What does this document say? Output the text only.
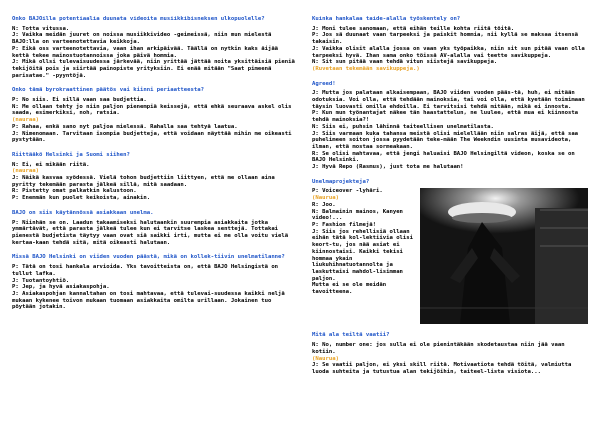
Onko BAJOilla potentiaalia duunata videoita musiikkibisneksen ulkopuolelle?
N: Totta vitussa.
J: Vaikka meidän juuret on noissa musiikkivideo -geimeissä, niin mun mielestä BAJO:lla on varteenotettavia keikkoja.
P: Eikä oss varteenotettavia, vaan ihan arkipäivää. Täällä on nytkin kaks äijää kettä tekee mainostuotannoissa joka päivä hommia.
J: Mikä ollsi tulevaisuudessa järkevää, niin yrittää jättää noita yksittäisiä pieniä tekijöitä pois ja siirtää painopiste yrityksiin. Ei enää mitään "Saat pimeenä parisatae." -pyyntöjä.
Onko tämä byrokraattinen päätös vai kiinni periaatteesta?
P: No siis. Ei sillä vaan saa budjettia.
N: Me ollaan tehty jo niin paljon pienempiä keissejä, että ehkä seuraava askel olis saada, esimerkiksi, noh, ratsia.
(nauraa)
P: Rahaa, enkä sano nyt paljoa mielessä. Rahalla saa tehtyä laatua.
J: Nimenomaan. Tarvitaan isompia budjetteja, että voidaan näyttää mihin me oikeasti pystytään.
Riittääkö Helsinki ja Suomi siihen?
N: Ei, ei mikään riitä.
(nauraa)
J: Näikä kasvaa syödessä. Vielä tohon budjettiin liittyen, että me ollaan aina pyritty tekemään parasta jälkeä sillä, mitä saadaan.
R: Pistetty omat palkatkin kalustoon.
P: Enemmän kun puolet keikoista, ainakin.
BAJO on siis käytännössä asiakkaan unelma.
P: Niinhän se on. Laadun takaamiseksi halutaankin suurempia asiakkaita jotka ymmärtävät, että parasta jälkeä tulee kun ei tarvitse laskea senttejä. Tottakai pienestä budjetista täytyy vaan ovat siä saikki irti, mutta ei me olla voitu vielä kertaa-kaan tehdä sitä, mitä oikeasti halutaan.
Missä BAJO Helsinki on viiden vuoden päästä, mikä on kollek-tiivin unelmatilanne?
P: Tätä on tosi hankala arvioida. Yks tavoitteista on, että BAJO Helsingistä on tullut lafka.
J: Tuotantoyhtiö.
P: Jep, ja hyvä asiakaspohja.
J: Asiakaspohjan kannaltahan on tosi mahtavaa, että tulevai-suudessa kaikki neljä mukaan kykenee toivon mukaan tuomaan asiakkaita omilta urillaan. Jokainen tuo pöytään jotakin.
Kuinka hankalaa taide-alalla työskentely on?
J: Moni tulee sanomaan, että eihän teille kohta riitä töitä.
P: Jos sä duunaat vaan tarpeeksi ja paiskit hommia, nii kyllä se maksaa itsensä takaisin.
J: Vaikka olisit alalla jossa on vaan yks työpaikka, niin sit sun pitää vaan olla tarpeeksi hyvä. Ihan sama onko töissä AV-alalla vai teette savikuppeja.
N: Sit sun pitää vaan tehdä vitun siistejä savikuppeja.
(Ruvetaan tekemään savikuppeja.)
Agreed!
J: Mutta jos palataan alkaisempaan, BAJO viiden vuoden pääs-tä, huh, ei mitään odotuksia. Voi olla, että tehdään mainoksia, tai voi olla, että kyetään toimimaan täysin luovasti omilla ehdoilla. Ei tarvitsisi tehdä mitään, mikä ei innosta.
P: Kun mun työnantajat näkee tän haastattelun, ne luulee, että mua ei kiinnosta tehdä mainoksia?!
N: Siis ei, puhsin lähinnä taiteellisen unelmatilasta.
J: Siis varmaan kuka tahansa meistä olisi mielellään niin salras äijä, että saa puhelimeen soiton jossa pyydetään teke-mään The Weekndin uusinta musavideota, ilman, että mostaa sormeakaan.
R: Se olisi mahtavaa, että jengi haluaisi BAJO Helsingiltä videon, koska se on BAJO Helsinki.
J: Hyvä Repo (Rasmus), just tota me halutaan!
Unelmaprojekteja?
P: Voiceover -lyhäri.
(Naurua)
R: Joo.
N: Balmainin mainos, Kanyen video!...
P: Fashion filmejä!
J: Siis jos rehellisiä ollaan eihän tätä kol-lektiivia olisi keort-tu, jos nää asiat ei kiinnostaisi. Kaikki tekisi hommaa ykain liukuhihnatuotannolta ja laskuttaisi mahdol-lisimman paljon.
Mutta ei se ole meidän tavoitteena.
Mitä ala teiltä vaatii?
N: No, number one: jos sulla ei ole pienintäkään skodetaustaa niin jää vaan kotiin.
(Naurua)
J: Se vaatii paljon, ei yksi skill riitä. Motivaatiota tehdä töitä, valmiutta luoda suhteita ja tutustua alan tekijöihin, taiteel-lista visiota...
